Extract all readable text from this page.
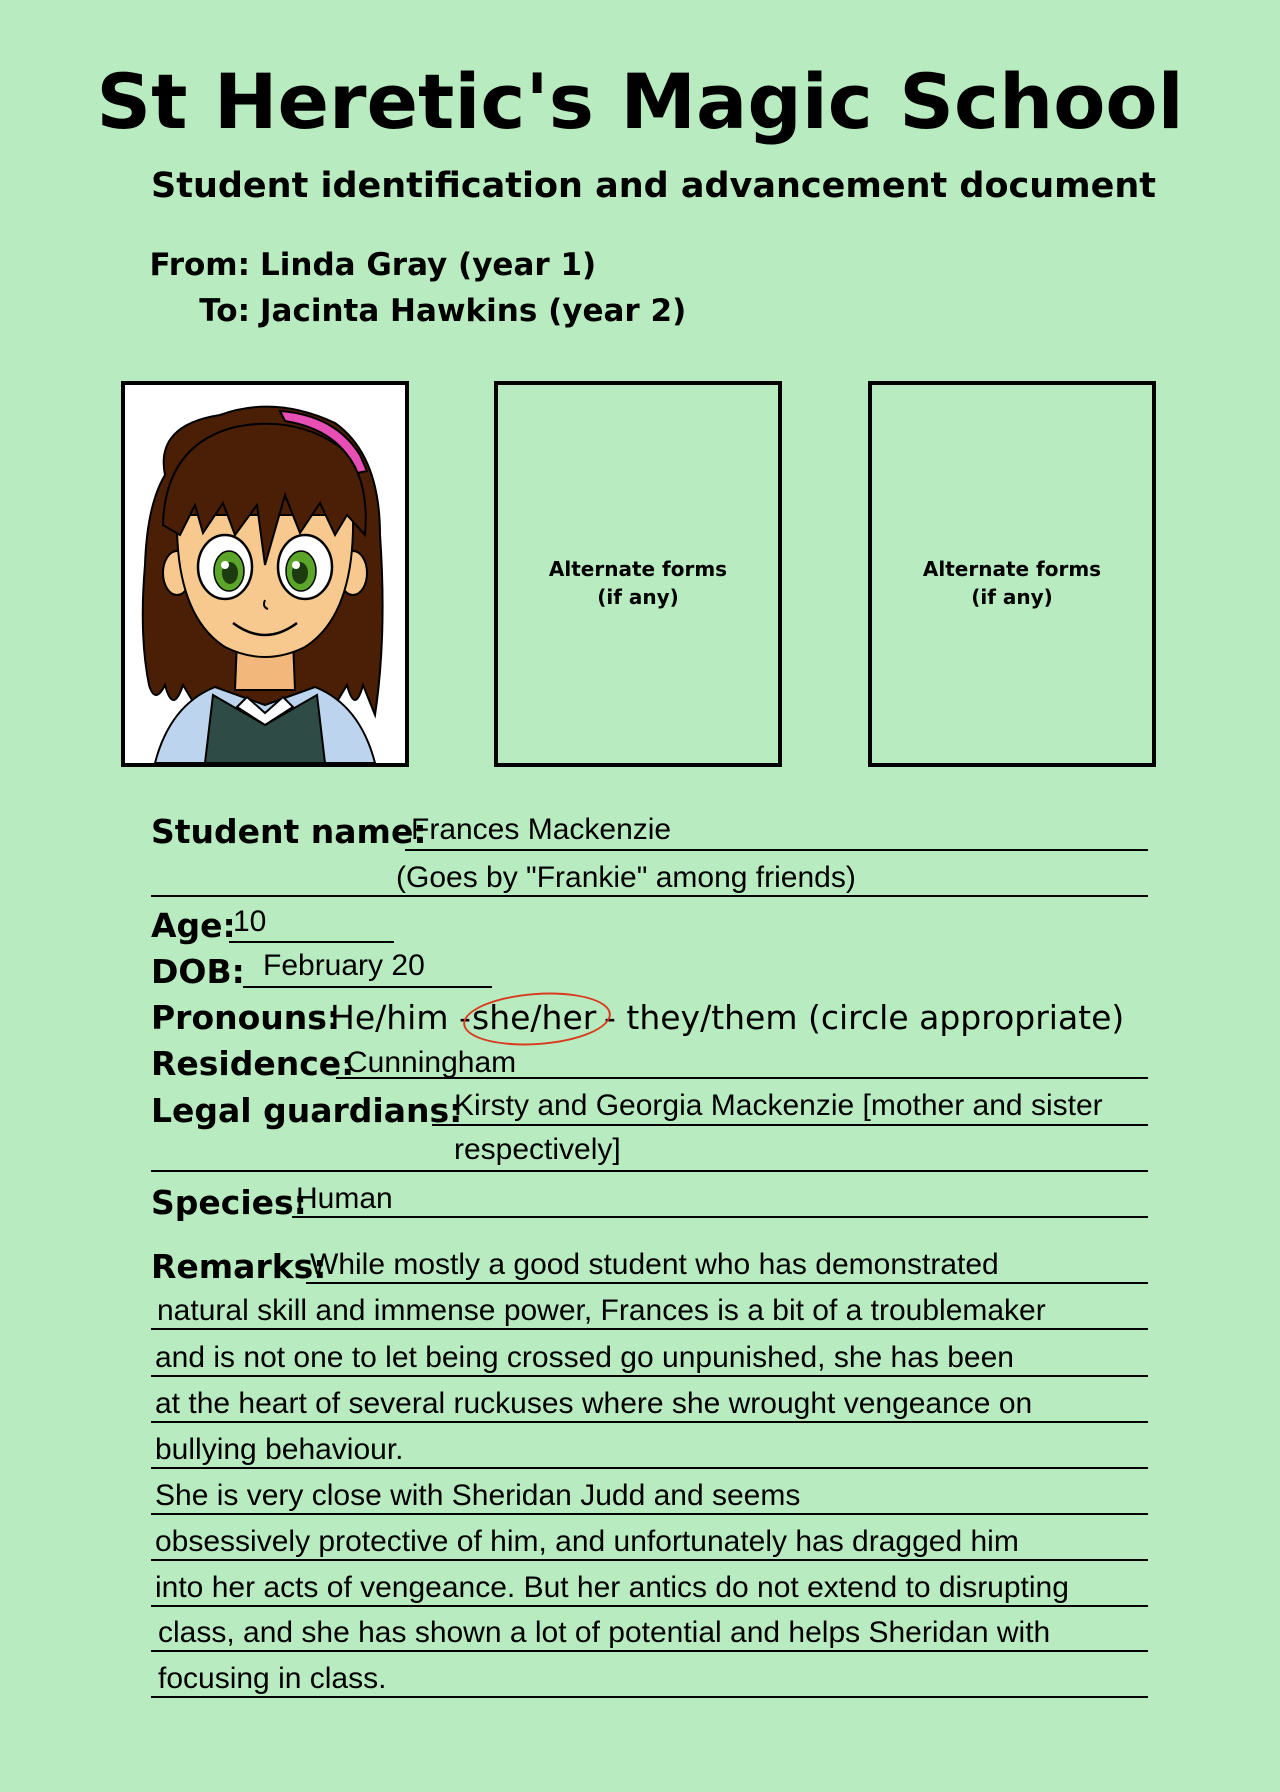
St Heretic's Magic School
Student identification and advancement document
From: Linda Gray (year 1)
To: Jacinta Hawkins (year 2)
Alternate forms
(if any)
Alternate forms
(if any)
Student name:
Frances Mackenzie
(Goes by "Frankie" among friends)
Age:
10
DOB: February 20
Pronouns:
He/him - she/her - they/them (circle appropriate)
Residence:
Cunningham
Legal guardians:
Kirsty and Georgia Mackenzie [mother and sister
respectively]
Species:
Human
Remarks:
While mostly a good student who has demonstrated
natural skill and immense power, Frances is a bit of a troublemaker
and is not one to let being crossed go unpunished, she has been
at the heart of several ruckuses where she wrought vengeance on
bullying behaviour.
She is very close with Sheridan Judd and seems
obsessively protective of him, and unfortunately has dragged him
into her acts of vengeance. But her antics do not extend to disrupting
class, and she has shown a lot of potential and helps Sheridan with
focusing in class.
